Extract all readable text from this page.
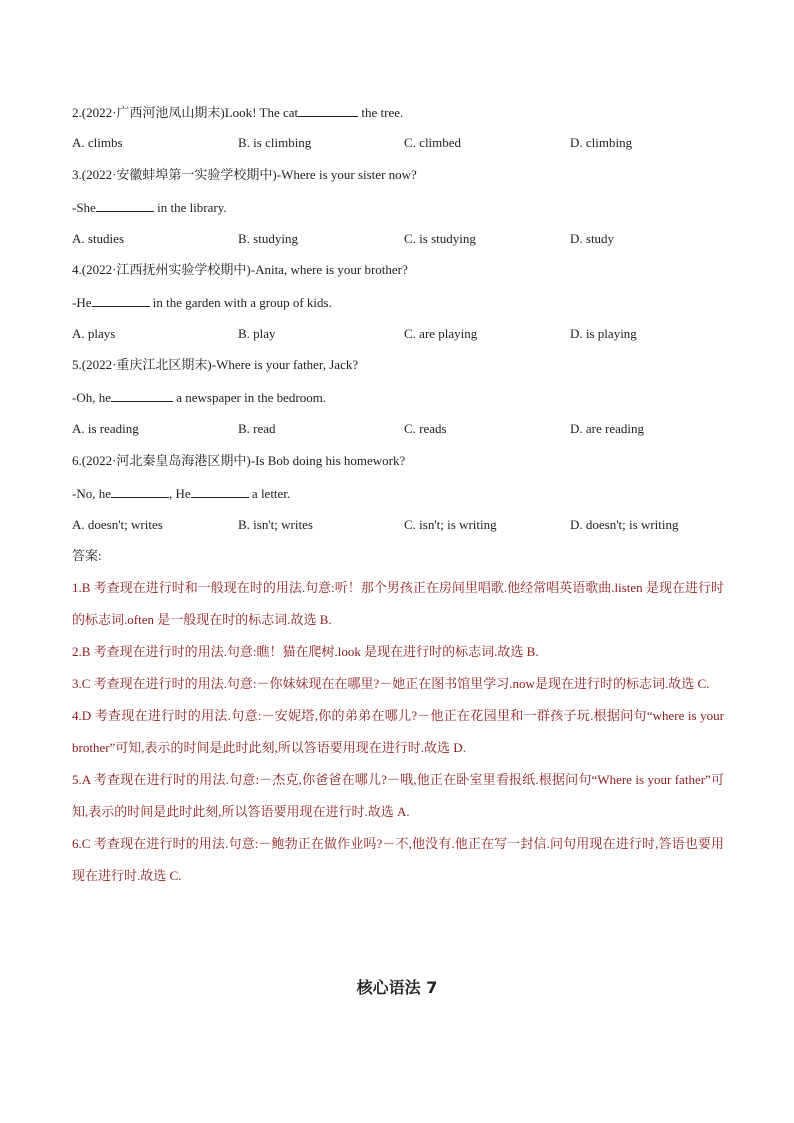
2.(2022·广西河池凤山期末)Look! The cat	the tree.
A. climbs	B. is climbing	C. climbed	D. climbing
3.(2022·安徽蚌埠第一实验学校期中)-Where is your sister now?
-She	in the library.
A. studies	B. studying	C. is studying	D. study
4.(2022·江西抚州实验学校期中)-Anita, where is your brother?
-He	in the garden with a group of kids.
A. plays	B. play	C. are playing	D. is playing
5.(2022·重庆江北区期末)-Where is your father, Jack?
-Oh, he	a newspaper in the bedroom.
A. is reading	B. read	C. reads	D. are reading
6.(2022·河北秦皇岛海港区期中)-Is Bob doing his homework?
-No, he	, He	a letter.
A. doesn't; writes	B. isn't; writes	C. isn't; is writing	D. doesn't; is writing
答案:

1.B 考查现在进行时和一般现在时的用法.句意:听！那个男孩正在房间里唱歌.他经常唱英语歌曲.listen 是现在进行时的标志词.often 是一般现在时的标志词.故选 B.

2.B 考查现在进行时的用法.句意:瞧！猫在爬树.look 是现在进行时的标志词.故选 B.

3.C 考查现在进行时的用法.句意:－你妹妹现在在哪里?－她正在图书馆里学习.now是现在进行时的标志词.故选 C.

4.D 考查现在进行时的用法.句意:－安妮塔,你的弟弟在哪儿?－他正在花园里和一群孩子玩.根据问句“where is your brother”可知,表示的时间是此时此刻,所以答语要用现在进行时.故选 D.

5.A 考查现在进行时的用法.句意:－杰克,你爸爸在哪儿?－哦,他正在卧室里看报纸.根据问句“Where is your father”可知,表示的时间是此时此刻,所以答语要用现在进行时.故选 A.

6.C 考查现在进行时的用法.句意:－鲍勃正在做作业吗?－不,他没有.他正在写一封信.问句用现在进行时,答语也要用现在进行时.故选 C.

核心语法 7
